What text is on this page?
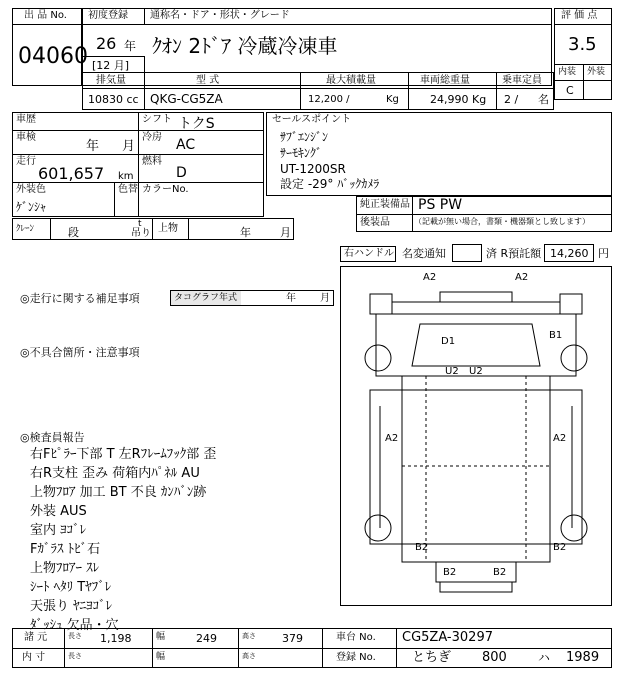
出 品 No.
04060
初度登録 通称名・ドア・形状・グレード
26 年
[12 月]
ｸｵﾝ 2ﾄﾞｱ 冷蔵冷凍車
評 価 点
3.5
内装 外装
C
排気量	型 式	最大積載量	車両総重量	乗車定員
10830 cc QKG-CG5ZA	12,200 /	Kg	24,990 Kg 2 / 名
車歴	シフト トクS
車検
年 月
冷房 AC
走行
601,657 km
燃料
D
外装色
ｹﾞﾝｼｬ
色替 カラーNo.
セールスポイント
ｻﾌﾞｴﾝｼﾞﾝ
ｻｰﾓｷﾝｸﾞ
UT-1200SR
設定 -29° ﾊﾞｯｸｶﾒﾗ
純正装備品 PS PW
後装品	（記載が無い場合，書類・機器類とし致します）
ｸﾚｰﾝ	段
t
吊り 上物	年	月
右ハンドル 名変通知	済 R預託額 14,260 円
◎走行に関する補足事項	タコグラフ年式	年 月
◎不具合箇所・注意事項
◎検査員報告
右Fﾋﾟﾗｰ下部 T 左Rﾌﾚｰﾑﾌｯｸ部 歪
右R支柱 歪み 荷箱内ﾊﾟﾈﾙ AU
上物ﾌﾛｱ 加工 BT 不良 ｶﾝﾊﾞﾝ跡
外装 AUS
室内 ﾖｺﾞﾚ
Fｶﾞﾗｽ ﾄﾋﾞ石
上物ﾌﾛｱｰ ｽﾚ
ｼｰﾄ ﾍﾀﾘ Tﾔﾌﾞﾚ
天張り ﾔﾆﾖｺﾞﾚ
ﾀﾞｯｼｭ 欠品・穴
A2	A2
D1
B1
U2 U2
A2	A2
B2	B2
B2	B2
諸 元	長さ 1,198	幅	249	高さ 379	車台 No. CG5ZA-30297
内 寸	長さ	幅	高さ	登録 No.	とちぎ 800	ハ 1989
